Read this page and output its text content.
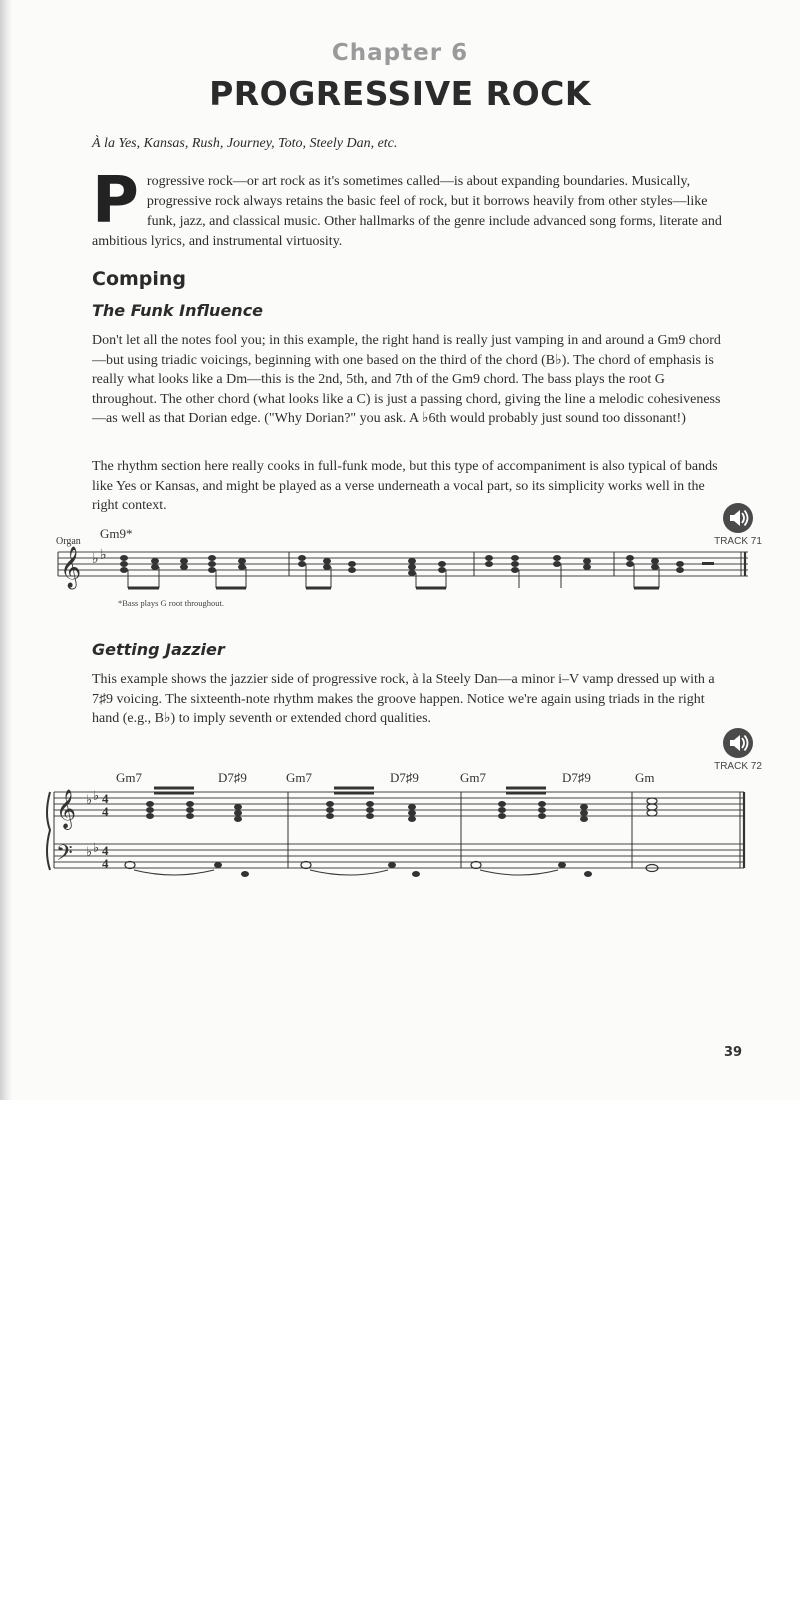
Chapter 6
PROGRESSIVE ROCK
À la Yes, Kansas, Rush, Journey, Toto, Steely Dan, etc.

Progressive rock—or art rock as it's sometimes called—is about expanding boundaries. Musically, progressive rock always retains the basic feel of rock, but it borrows heavily from other styles—like funk, jazz, and classical music. Other hallmarks of the genre include advanced song forms, literate and ambitious lyrics, and instrumental virtuosity.

Comping
The Funk Influence

Don't let all the notes fool you; in this example, the right hand is really just vamping in and around a Gm9 chord—but using triadic voicings, beginning with one based on the third of the chord (B♭). The chord of emphasis is really what looks like a Dm—this is the 2nd, 5th, and 7th of the Gm9 chord. The bass plays the root G throughout. The other chord (what looks like a C) is just a passing chord, giving the line a melodic cohesiveness—as well as that Dorian edge. ("Why Dorian?" you ask. A ♭6th would probably just sound too dissonant!)

The rhythm section here really cooks in full-funk mode, but this type of accompaniment is also typical of bands like Yes or Kansas, and might be played as a verse underneath a vocal part, so its simplicity works well in the right context.

TRACK 71
Organ
Gm9*
𝄞 ♭ ♭
*Bass plays G root throughout.
Getting Jazzier

This example shows the jazzier side of progressive rock, à la Steely Dan—a minor i–V vamp dressed up with a 7♯9 voicing. The sixteenth-note rhythm makes the groove happen. Notice we're again using triads in the right hand (e.g., B♭) to imply seventh or extended chord qualities.

TRACK 72
Gm7	D7♯9	Gm7	D7♯9	Gm7	D7♯9	Gm
𝄞
𝄢
♭ ♭
♭ ♭
4
4
4
4
39
